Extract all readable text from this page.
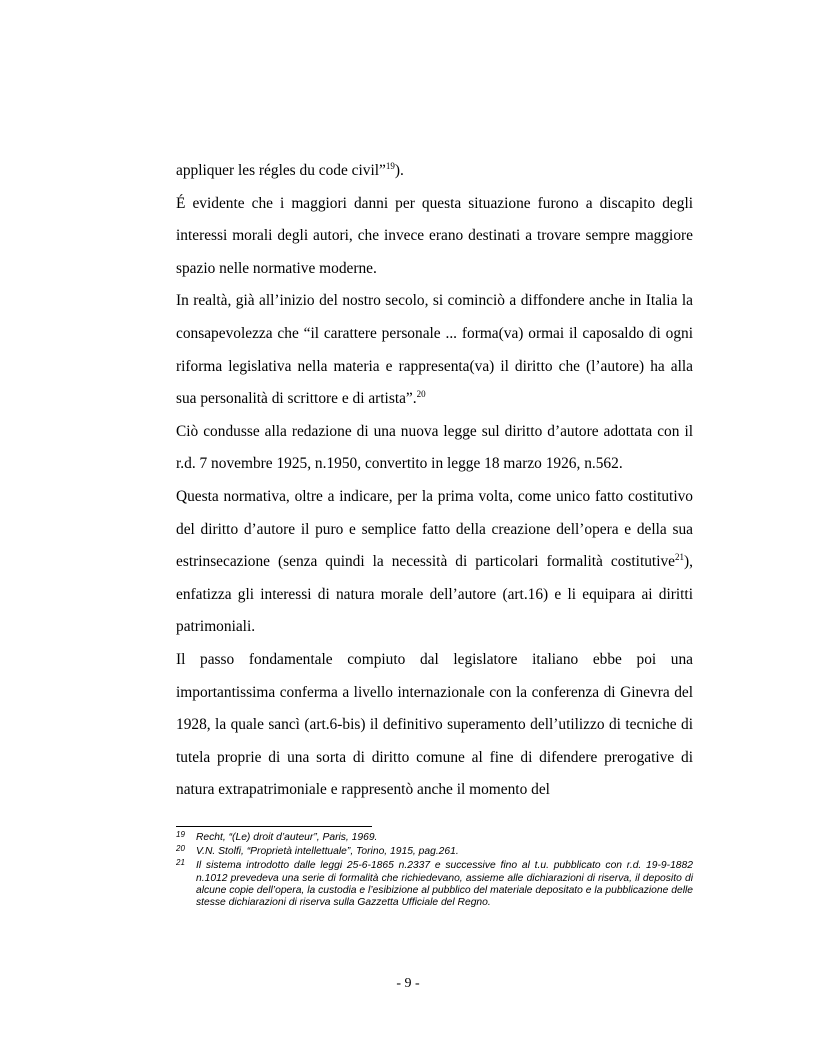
appliquer les régles du code civil”$^{19}$).

É evidente che i maggiori danni per questa situazione furono a discapito degli interessi morali degli autori, che invece erano destinati a trovare sempre maggiore spazio nelle normative moderne.

In realtà, già all’inizio del nostro secolo, si cominciò a diffondere anche in Italia la consapevolezza che “il carattere personale ... forma(va) ormai il caposaldo di ogni riforma legislativa nella materia e rappresenta(va) il diritto che (l’autore) ha alla sua personalità di scrittore e di artista”.$^{20}$

Ciò condusse alla redazione di una nuova legge sul diritto d’autore adottata con il r.d. 7 novembre 1925, n.1950, convertito in legge 18 marzo 1926, n.562.

Questa normativa, oltre a indicare, per la prima volta, come unico fatto costitutivo del diritto d’autore il puro e semplice fatto della creazione dell’opera e della sua estrinsecazione (senza quindi la necessità di particolari formalità costitutive$^{21}$), enfatizza gli interessi di natura morale dell’autore (art.16) e li equipara ai diritti patrimoniali.

Il passo fondamentale compiuto dal legislatore italiano ebbe poi una importantissima conferma a livello internazionale con la conferenza di Ginevra del 1928, la quale sancì (art.6-bis) il definitivo superamento dell’utilizzo di tecniche di tutela proprie di una sorta di diritto comune al fine di difendere prerogative di natura extrapatrimoniale e rappresentò anche il momento del

19 Recht, “(Le) droit d’auteur”, Paris, 1969.
20 V.N. Stolfi, “Proprietà intellettuale”, Torino, 1915, pag.261.
21 Il sistema introdotto dalle leggi 25-6-1865 n.2337 e successive fino al t.u. pubblicato con r.d. 19-9-1882 n.1012 prevedeva una serie di formalità che richiedevano, assieme alle dichiarazioni di riserva, il deposito di alcune copie dell’opera, la custodia e l’esibizione al pubblico del materiale depositato e la pubblicazione delle stesse dichiarazioni di riserva sulla Gazzetta Ufficiale del Regno.
- 9 -
